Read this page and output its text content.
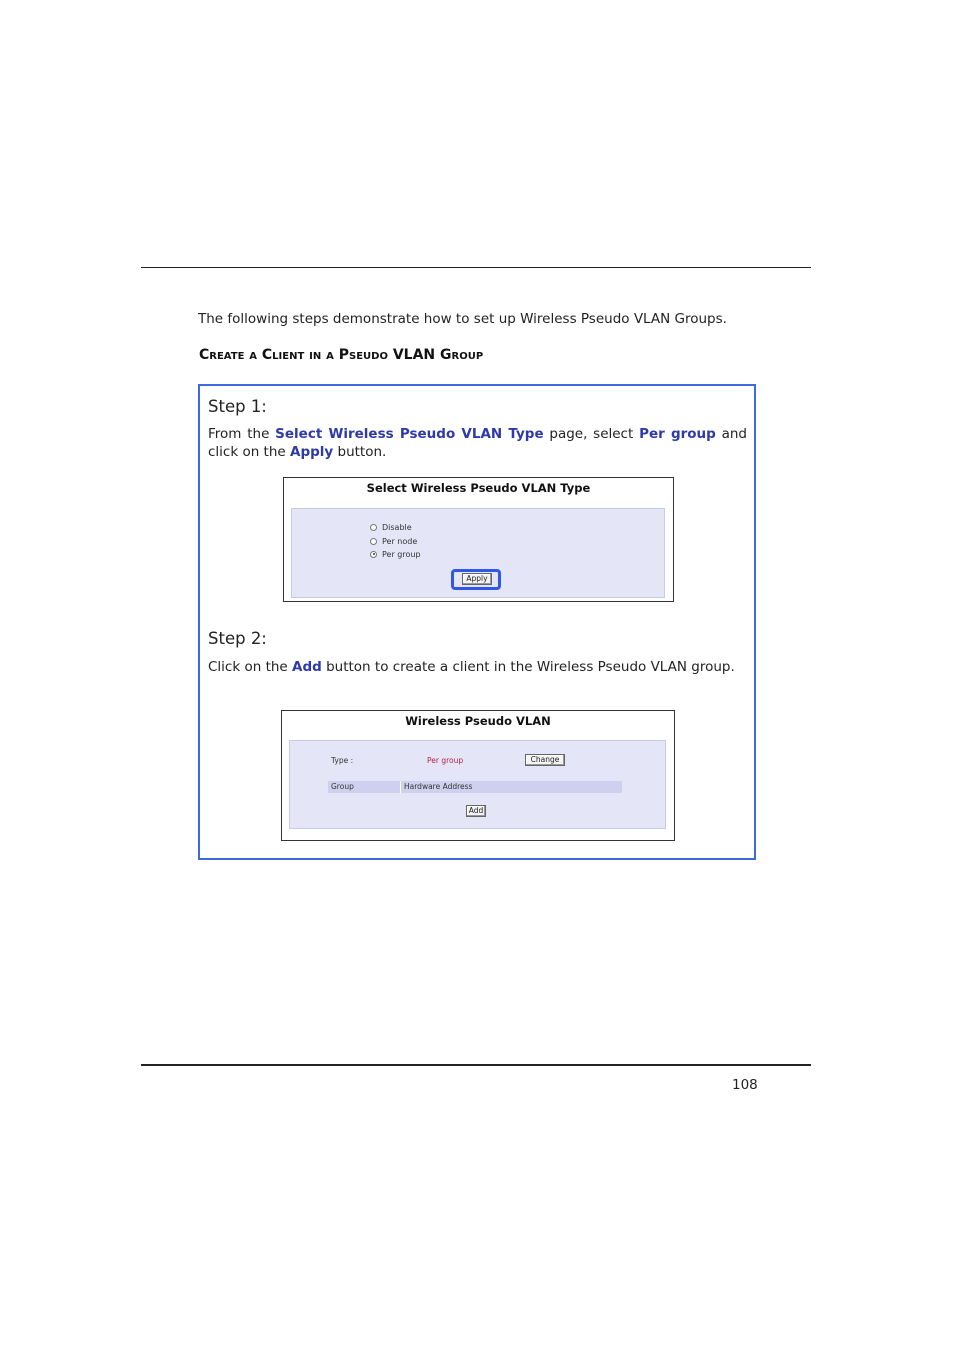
The following steps demonstrate how to set up Wireless Pseudo VLAN Groups.
Create a Client in a Pseudo VLAN Group
Step 1:
From the Select Wireless Pseudo VLAN Type page, select Per group and click on the Apply button.
Select Wireless Pseudo VLAN Type
Disable
Per node
Per group
Apply
Step 2:
Click on the Add button to create a client in the Wireless Pseudo VLAN group.
Wireless Pseudo VLAN
Type :	Per group	Change
Group	Hardware Address
Add
108
